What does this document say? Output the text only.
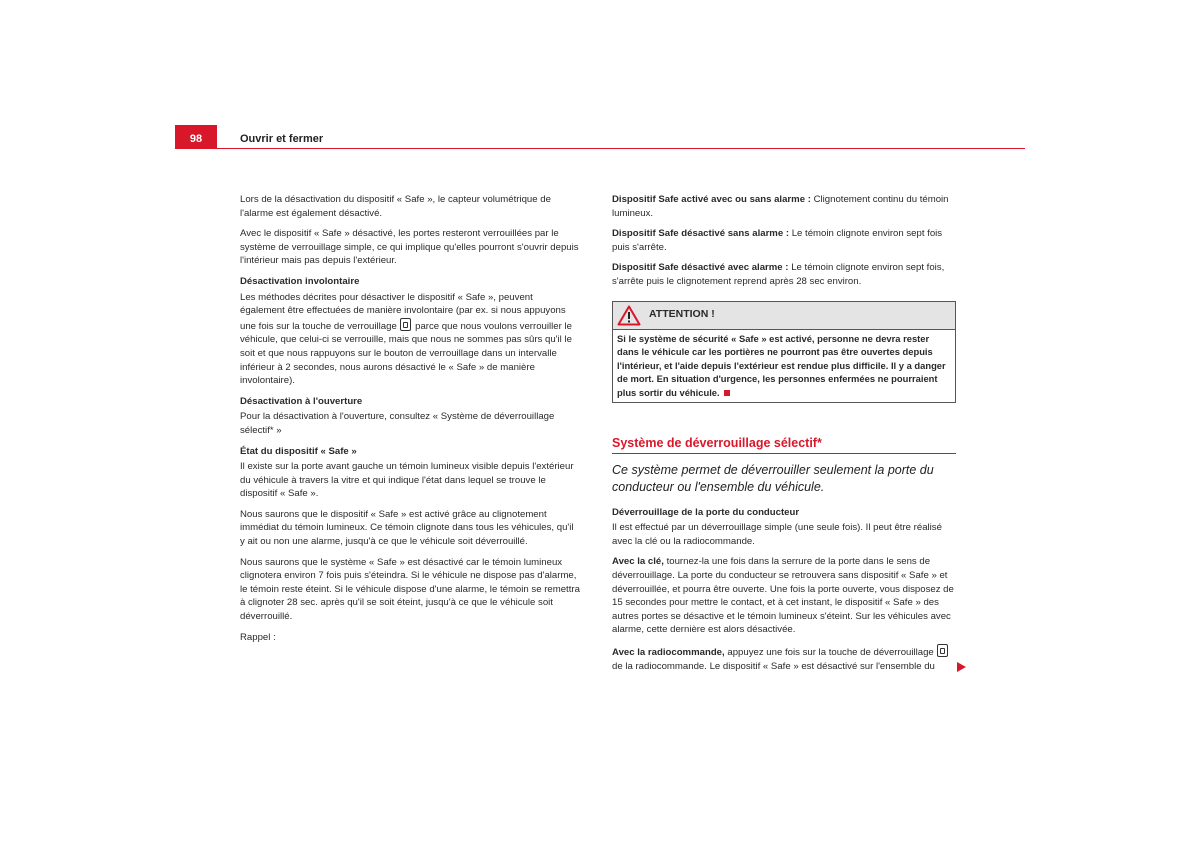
98	Ouvrir et fermer

Lors de la désactivation du dispositif « Safe », le capteur volumétrique de l'alarme est également désactivé.

Avec le dispositif « Safe » désactivé, les portes resteront verrouillées par le système de verrouillage simple, ce qui implique qu'elles pourront s'ouvrir depuis l'intérieur mais pas depuis l'extérieur.

Désactivation involontaire

Les méthodes décrites pour désactiver le dispositif « Safe », peuvent également être effectuées de manière involontaire (par ex. si nous appuyons une fois sur la touche de verrouillage parce que nous voulons verrouiller le véhicule, que celui-ci se verrouille, mais que nous ne sommes pas sûrs qu'il le soit et que nous rappuyons sur le bouton de verrouillage dans un intervalle inférieur à 2 secondes, nous aurons désactivé le « Safe » de manière involontaire).

Désactivation à l'ouverture

Pour la désactivation à l'ouverture, consultez « Système de déverrouillage sélectif* »

État du dispositif « Safe »

Il existe sur la porte avant gauche un témoin lumineux visible depuis l'extérieur du véhicule à travers la vitre et qui indique l'état dans lequel se trouve le dispositif « Safe ».

Nous saurons que le dispositif « Safe » est activé grâce au clignotement immédiat du témoin lumineux. Ce témoin clignote dans tous les véhicules, qu'il y ait ou non une alarme, jusqu'à ce que le véhicule soit déverrouillé.

Nous saurons que le système « Safe » est désactivé car le témoin lumineux clignotera environ 7 fois puis s'éteindra. Si le véhicule ne dispose pas d'alarme, le témoin reste éteint. Si le véhicule dispose d'une alarme, le témoin se remettra à clignoter 28 sec. après qu'il se soit éteint, jusqu'à ce que le véhicule soit déverrouillé.

Rappel :

Dispositif Safe activé avec ou sans alarme : Clignotement continu du témoin lumineux.

Dispositif Safe désactivé sans alarme : Le témoin clignote environ sept fois puis s'arrête.

Dispositif Safe désactivé avec alarme : Le témoin clignote environ sept fois, s'arrête puis le clignotement reprend après 28 sec environ.

ATTENTION !
Si le système de sécurité « Safe » est activé, personne ne devra rester dans le véhicule car les portières ne pourront pas être ouvertes depuis l'intérieur, et l'aide depuis l'extérieur est rendue plus difficile. Il y a danger de mort. En situation d'urgence, les personnes enfermées ne pourraient plus sortir du véhicule.
Système de déverrouillage sélectif*

Ce système permet de déverrouiller seulement la porte du conducteur ou l'ensemble du véhicule.

Déverrouillage de la porte du conducteur

Il est effectué par un déverrouillage simple (une seule fois). Il peut être réalisé avec la clé ou la radiocommande.

Avec la clé, tournez-la une fois dans la serrure de la porte dans le sens de déverrouillage. La porte du conducteur se retrouvera sans dispositif « Safe » et déverrouillée, et pourra être ouverte. Une fois la porte ouverte, vous disposez de 15 secondes pour mettre le contact, et à cet instant, le dispositif « Safe » des autres portes se désactive et le témoin lumineux s'éteint. Sur les véhicules avec alarme, cette dernière est alors désactivée.

Avec la radiocommande, appuyez une fois sur la touche de déverrouillage  de la radiocommande. Le dispositif « Safe » est désactivé sur l'ensemble du
